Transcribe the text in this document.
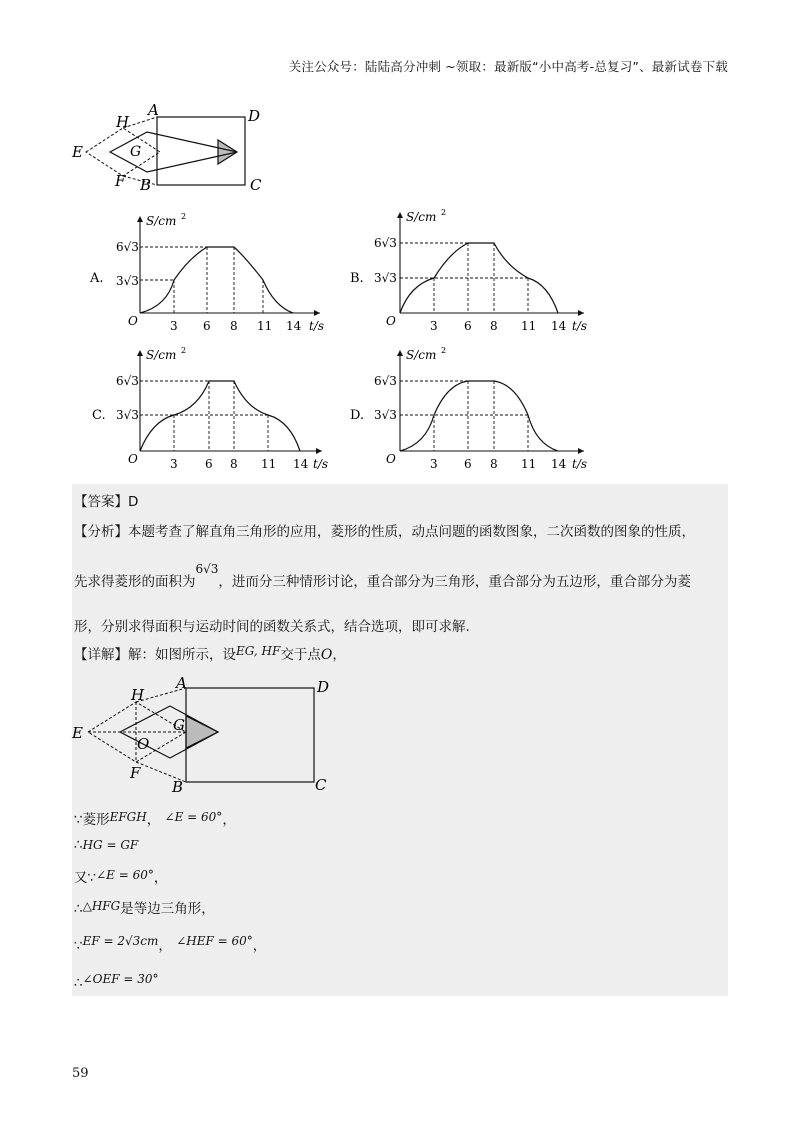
关注公众号：陆陆高分冲刺 ~领取：最新版“小中高考-总复习”、最新试卷下载
A	D
B	C
E
F
G
H
A.
S/cm 2
t/s
O
6√3
3√3
3 6 8 11 14
B.
S/cm 2
t/s
O
6√3
3√3
3 6 8 11 14
C.
S/cm 2
t/s
O
6√3
3√3
3 6 8 11 14
D.
S/cm 2
t/s
O
6√3
3√3
3 6 8 11 14
【答案】D
【分析】本题考查了解直角三角形的应用，菱形的性质，动点问题的函数图象，二次函数的图象的性质，
先求得菱形的面积为6√3，进而分三种情形讨论，重合部分为三角形，重合部分为五边形，重合部分为菱
形，分别求得面积与运动时间的函数关系式，结合选项，即可求解.
【详解】解：如图所示，设EG, HF交于点O，
A	D
B	C
E
F
G
H
O
∵菱形EFGH， ∠E = 60°，
∴HG = GF
又∵∠E = 60°，
∴△HFG是等边三角形，
∵EF = 2√3cm， ∠HEF = 60°，
∴∠OEF = 30°
59
